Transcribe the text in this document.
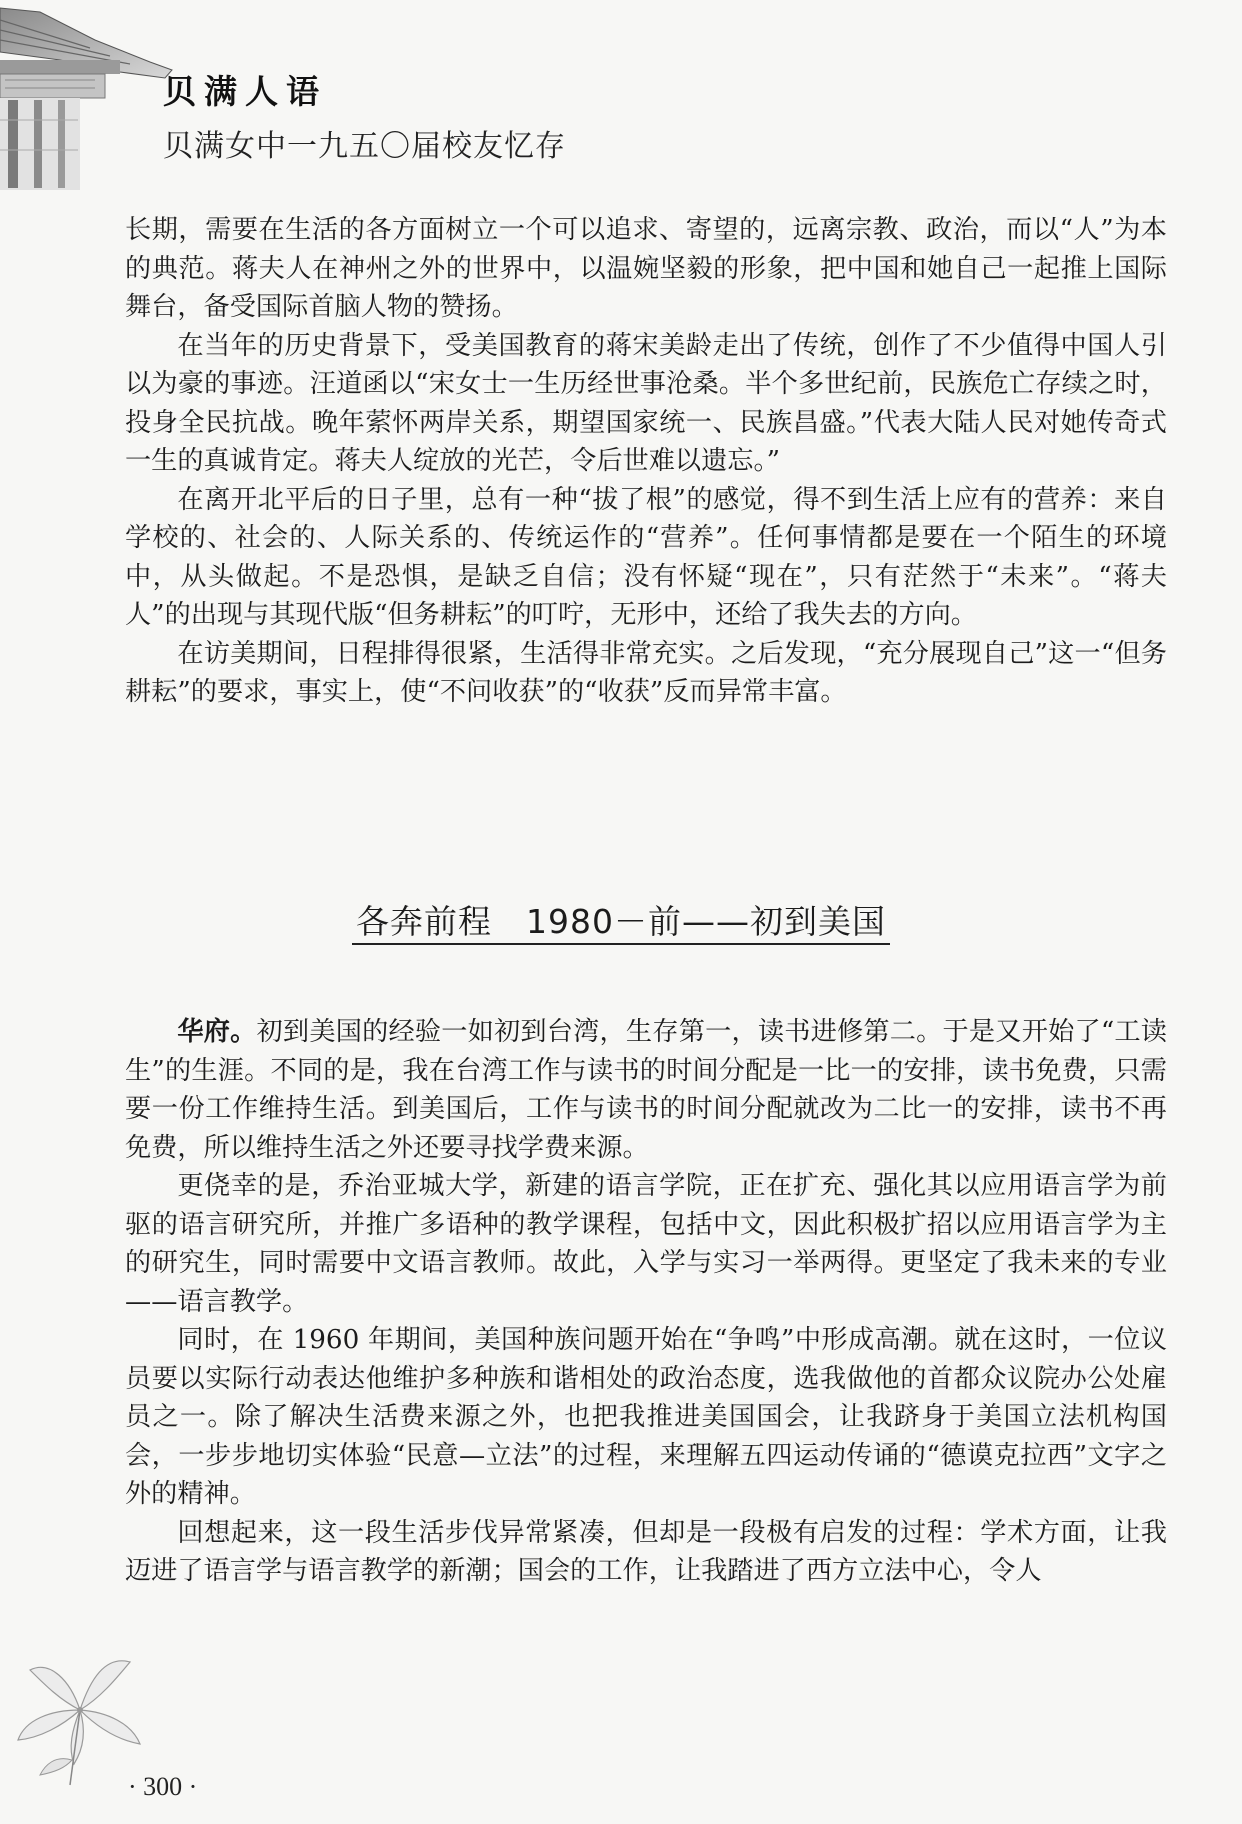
贝满人语
贝满女中一九五〇届校友忆存

长期，需要在生活的各方面树立一个可以追求、寄望的，远离宗教、政治，而以“人”为本的典范。蒋夫人在神州之外的世界中，以温婉坚毅的形象，把中国和她自己一起推上国际舞台，备受国际首脑人物的赞扬。

在当年的历史背景下，受美国教育的蒋宋美龄走出了传统，创作了不少值得中国人引以为豪的事迹。汪道函以“宋女士一生历经世事沧桑。半个多世纪前，民族危亡存续之时，投身全民抗战。晚年萦怀两岸关系，期望国家统一、民族昌盛。”代表大陆人民对她传奇式一生的真诚肯定。蒋夫人绽放的光芒，令后世难以遗忘。”

在离开北平后的日子里，总有一种“拔了根”的感觉，得不到生活上应有的营养：来自学校的、社会的、人际关系的、传统运作的“营养”。任何事情都是要在一个陌生的环境中，从头做起。不是恐惧，是缺乏自信；没有怀疑“现在”，只有茫然于“未来”。“蒋夫人”的出现与其现代版“但务耕耘”的叮咛，无形中，还给了我失去的方向。

在访美期间，日程排得很紧，生活得非常充实。之后发现，“充分展现自己”这一“但务耕耘”的要求，事实上，使“不问收获”的“收获”反而异常丰富。

各奔前程　1980－前——初到美国

华府。初到美国的经验一如初到台湾，生存第一，读书进修第二。于是又开始了“工读生”的生涯。不同的是，我在台湾工作与读书的时间分配是一比一的安排，读书免费，只需要一份工作维持生活。到美国后，工作与读书的时间分配就改为二比一的安排，读书不再免费，所以维持生活之外还要寻找学费来源。

更侥幸的是，乔治亚城大学，新建的语言学院，正在扩充、强化其以应用语言学为前驱的语言研究所，并推广多语种的教学课程，包括中文，因此积极扩招以应用语言学为主的研究生，同时需要中文语言教师。故此，入学与实习一举两得。更坚定了我未来的专业——语言教学。

同时，在 1960 年期间，美国种族问题开始在“争鸣”中形成高潮。就在这时，一位议员要以实际行动表达他维护多种族和谐相处的政治态度，选我做他的首都众议院办公处雇员之一。除了解决生活费来源之外，也把我推进美国国会，让我跻身于美国立法机构国会，一步步地切实体验“民意—立法”的过程，来理解五四运动传诵的“德谟克拉西”文字之外的精神。

回想起来，这一段生活步伐异常紧凑，但却是一段极有启发的过程：学术方面，让我迈进了语言学与语言教学的新潮；国会的工作，让我踏进了西方立法中心，令人

· 300 ·
